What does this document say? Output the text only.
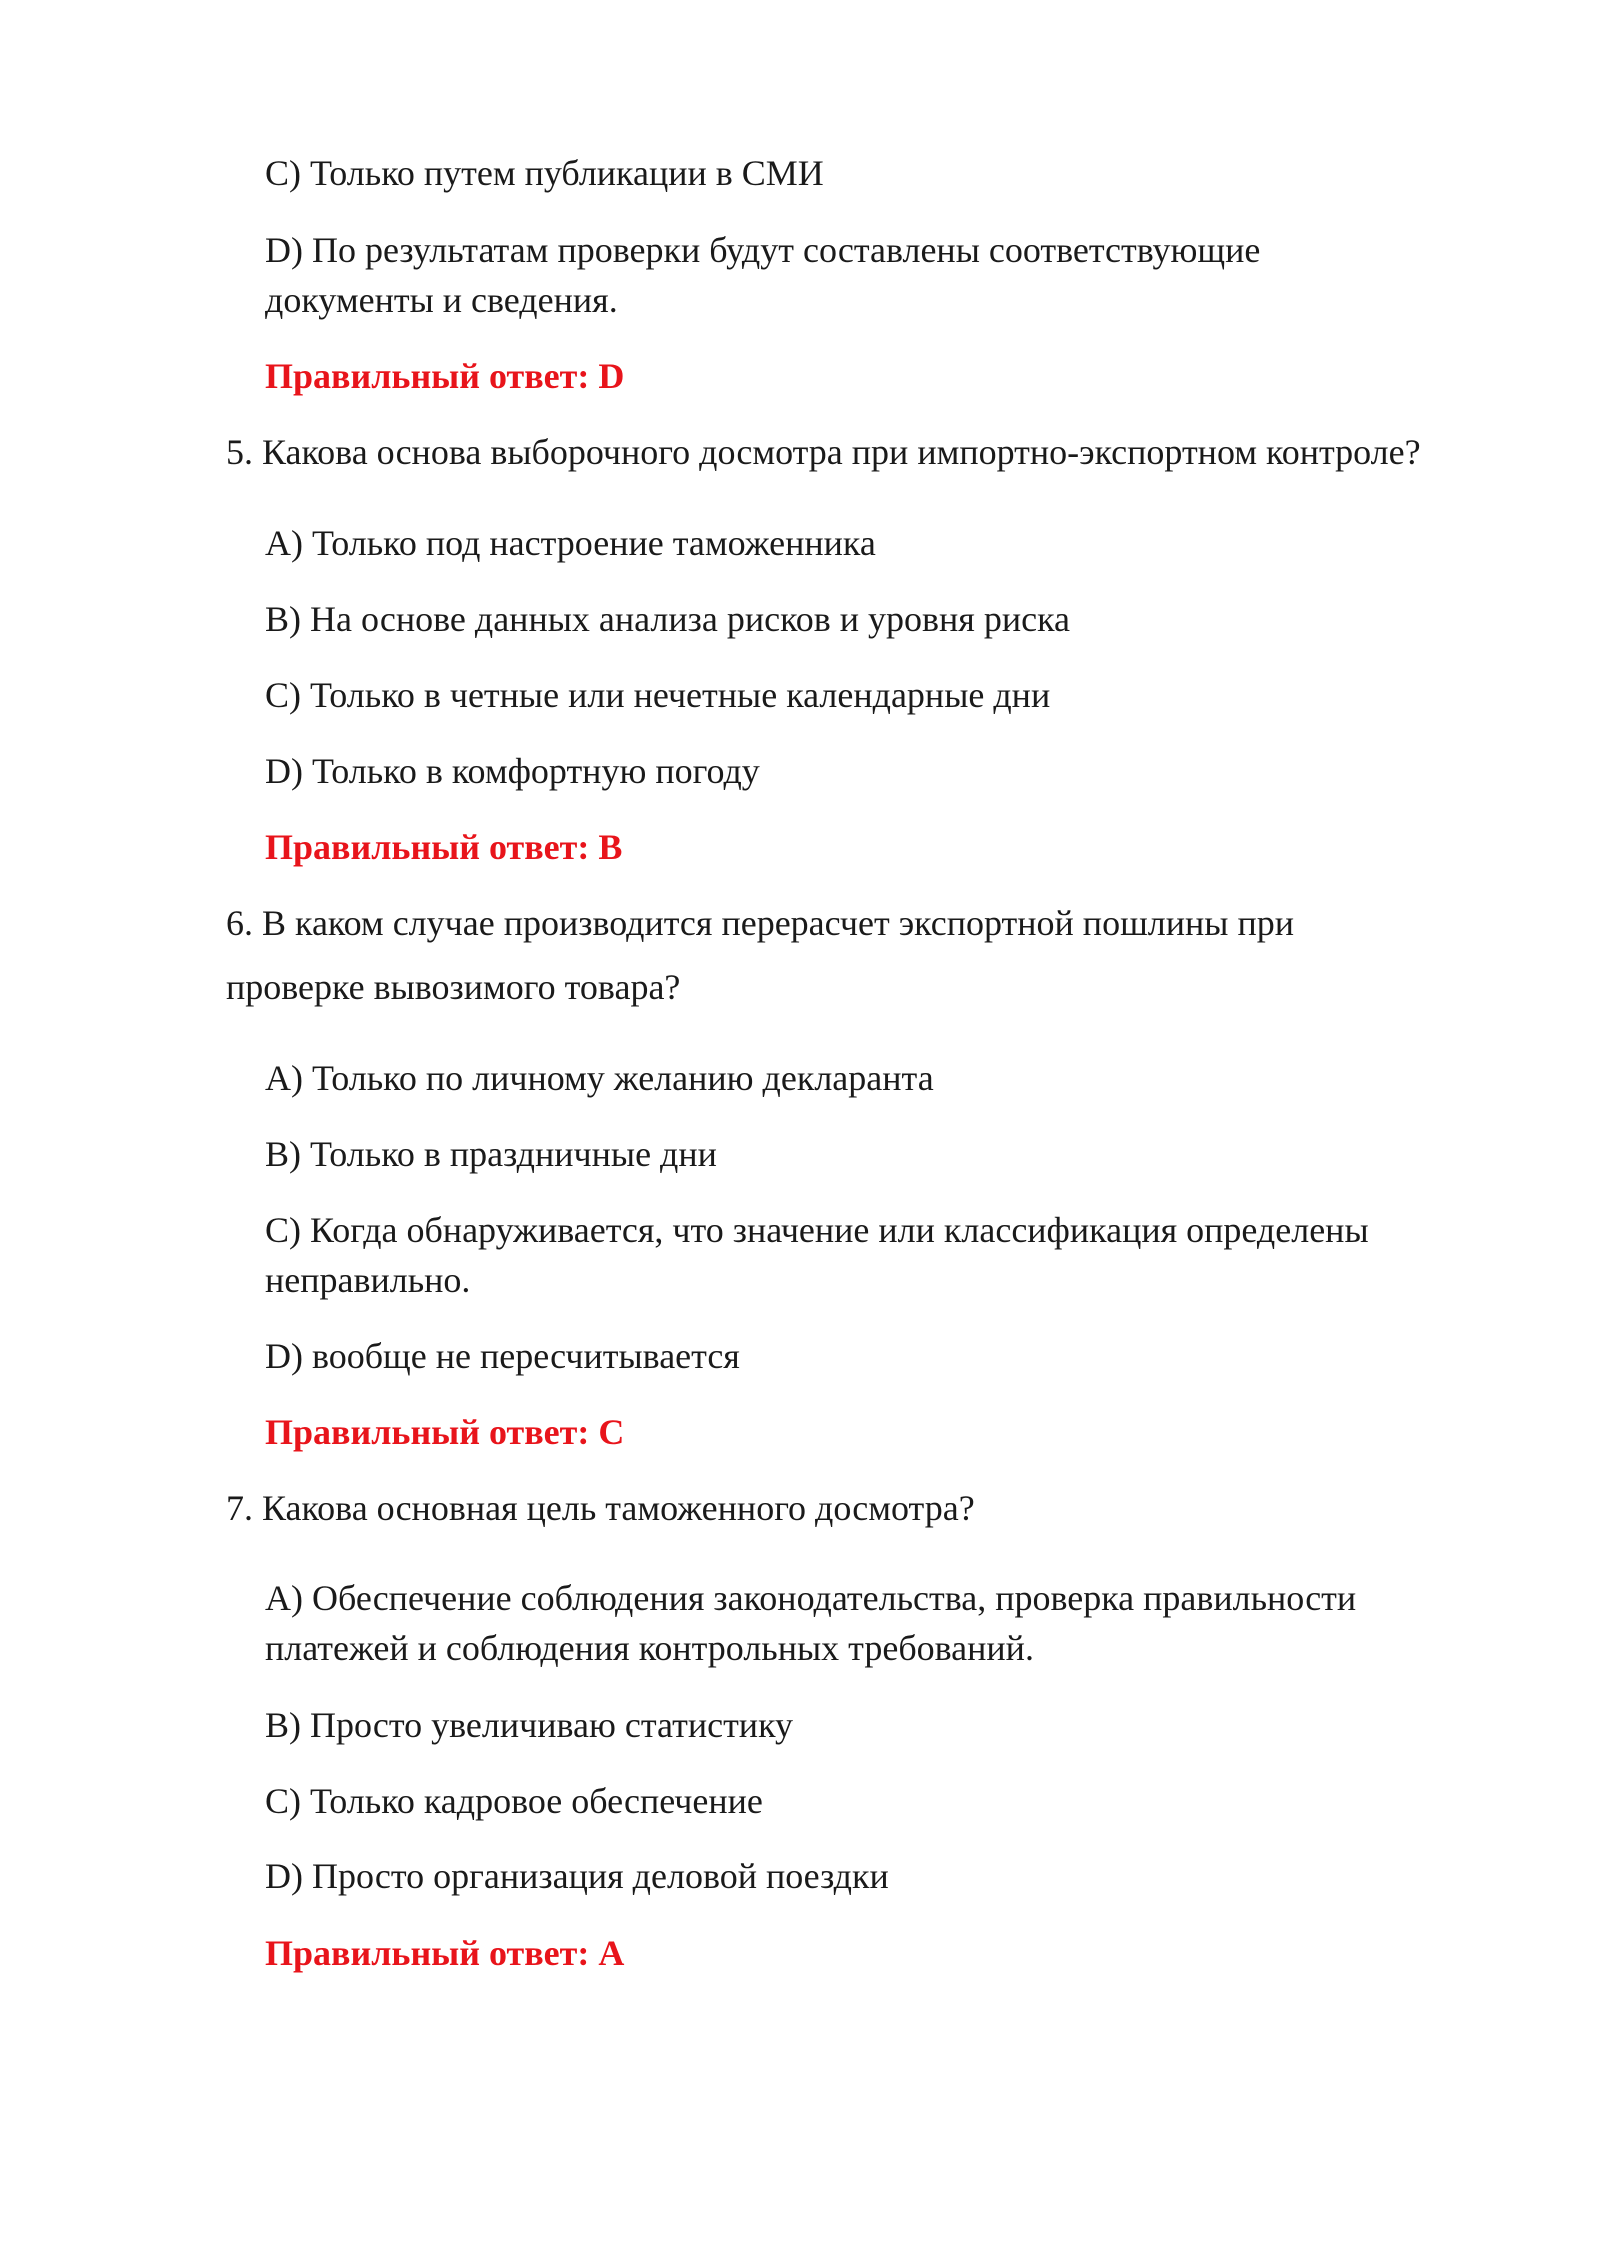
C) Только путем публикации в СМИ
D) По результатам проверки будут составлены соответствующие
документы и сведения.
Правильный ответ: D
5. Какова основа выборочного досмотра при импортно-экспортном контроле?
A) Только под настроение таможенника
B) На основе данных анализа рисков и уровня риска
C) Только в четные или нечетные календарные дни
D) Только в комфортную погоду
Правильный ответ: B
6. В каком случае производится перерасчет экспортной пошлины при
проверке вывозимого товара?
A) Только по личному желанию декларанта
B) Только в праздничные дни
C) Когда обнаруживается, что значение или классификация определены
неправильно.
D) вообще не пересчитывается
Правильный ответ: C
7. Какова основная цель таможенного досмотра?
A) Обеспечение соблюдения законодательства, проверка правильности
платежей и соблюдения контрольных требований.
B) Просто увеличиваю статистику
C) Только кадровое обеспечение
D) Просто организация деловой поездки
Правильный ответ: A
